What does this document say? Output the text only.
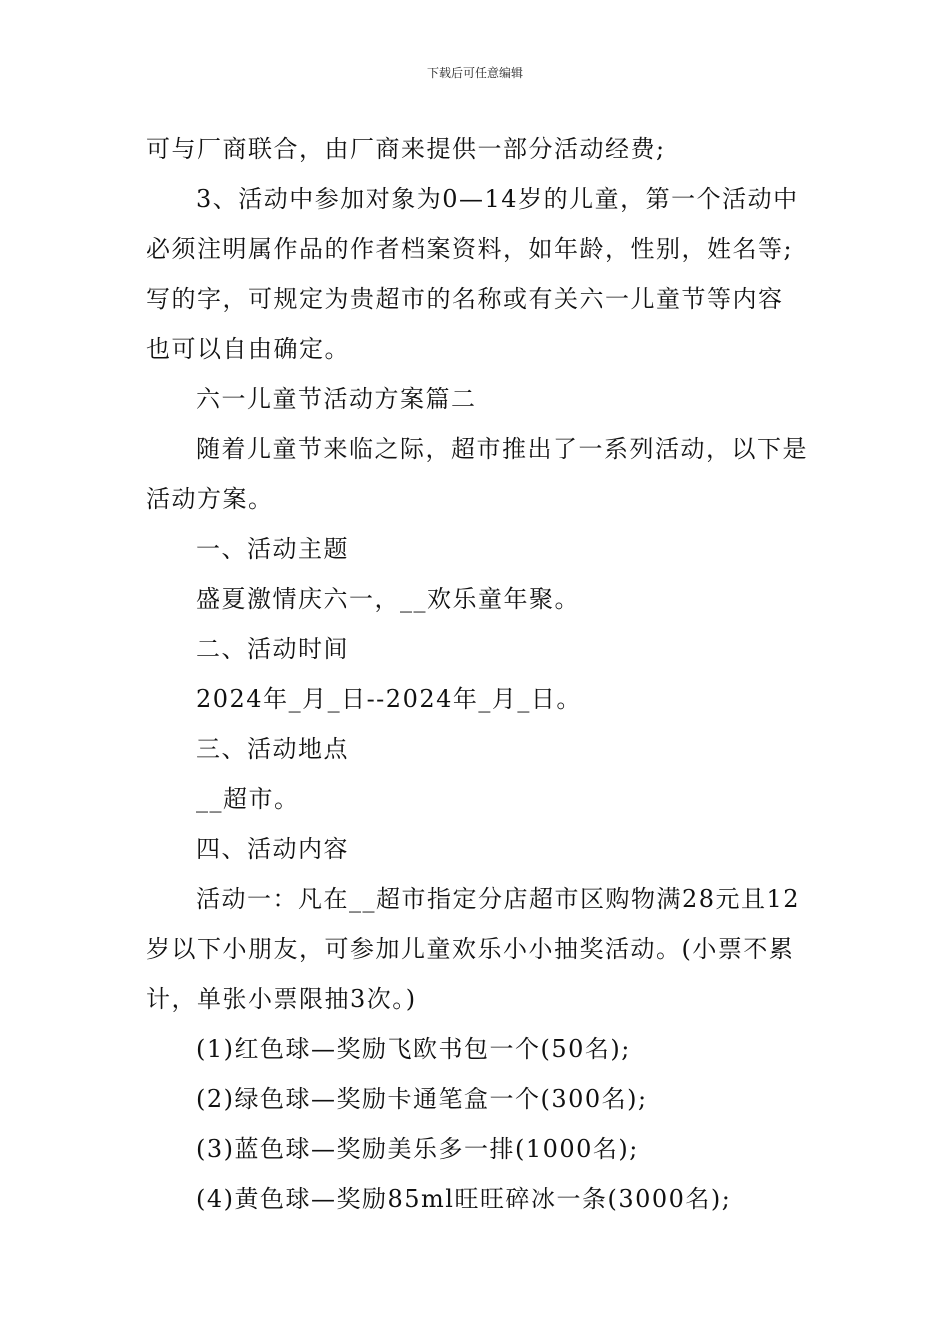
下载后可任意编辑

可与厂商联合，由厂商来提供一部分活动经费;

3、活动中参加对象为0—14岁的儿童，第一个活动中必须注明属作品的作者档案资料，如年龄，性别，姓名等;写的字，可规定为贵超市的名称或有关六一儿童节等内容也可以自由确定。

六一儿童节活动方案篇二

随着儿童节来临之际，超市推出了一系列活动，以下是活动方案。

一、活动主题

盛夏激情庆六一，__欢乐童年聚。

二、活动时间

2024年_月_日--2024年_月_日。

三、活动地点

__超市。

四、活动内容

活动一：凡在__超市指定分店超市区购物满28元且12岁以下小朋友，可参加儿童欢乐小小抽奖活动。(小票不累计，单张小票限抽3次。)

(1)红色球—奖励飞欧书包一个(50名);

(2)绿色球—奖励卡通笔盒一个(300名);

(3)蓝色球—奖励美乐多一排(1000名);

(4)黄色球—奖励85ml旺旺碎冰一条(3000名);
